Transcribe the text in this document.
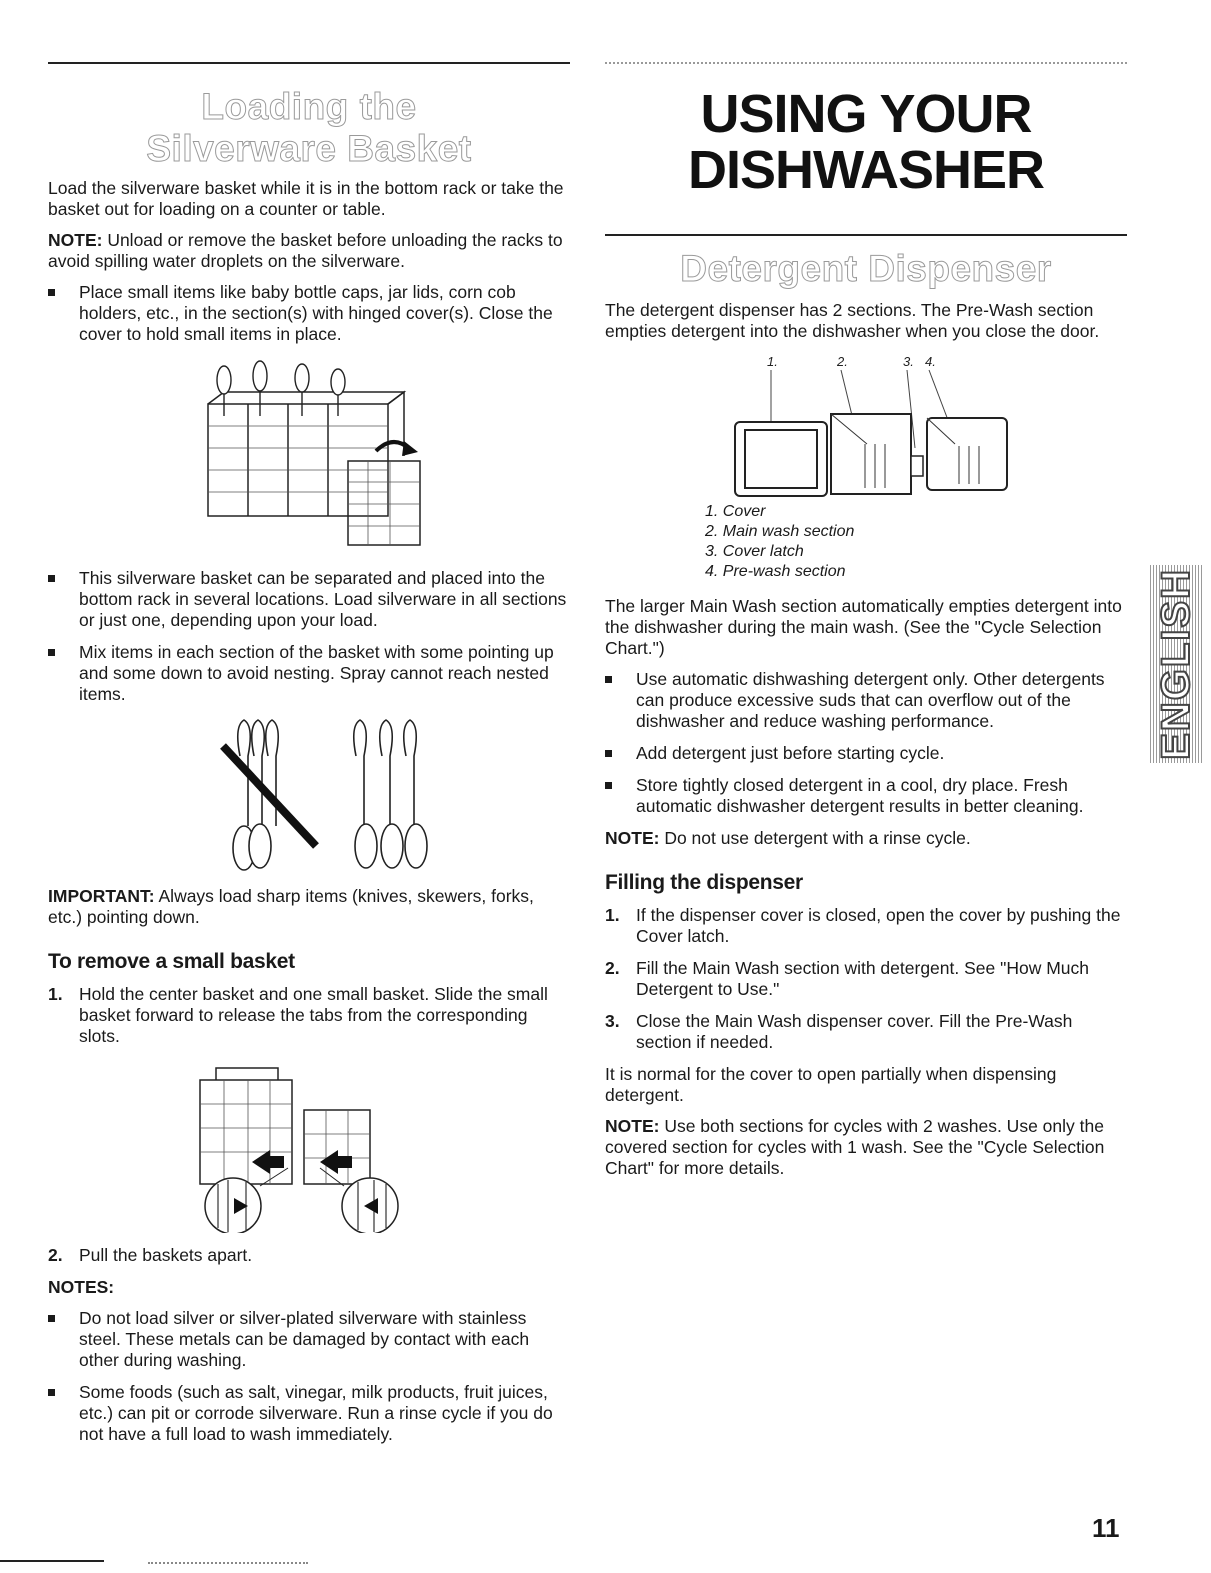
Loading the
Silverware Basket

Load the silverware basket while it is in the bottom rack or take the basket out for loading on a counter or table.

NOTE: Unload or remove the basket before unloading the racks to avoid spilling water droplets on the silverware.

Place small items like baby bottle caps, jar lids, corn cob holders, etc., in the section(s) with hinged cover(s). Close the cover to hold small items in place.
This silverware basket can be separated and placed into the bottom rack in several locations. Load silverware in all sections or just one, depending upon your load.
Mix items in each section of the basket with some pointing up and some down to avoid nesting. Spray cannot reach nested items.

IMPORTANT: Always load sharp items (knives, skewers, forks, etc.) pointing down.

To remove a small basket
1. Hold the center basket and one small basket. Slide the small basket forward to release the tabs from the corresponding slots.
2. Pull the baskets apart.

NOTES:

Do not load silver or silver-plated silverware with stainless steel. These metals can be damaged by contact with each other during washing.
Some foods (such as salt, vinegar, milk products, fruit juices, etc.) can pit or corrode silverware. Run a rinse cycle if you do not have a full load to wash immediately.
USING YOUR
DISHWASHER
Detergent Dispenser

The detergent dispenser has 2 sections. The Pre-Wash section empties detergent into the dishwasher when you close the door.

1.	2.	3. 4.
1. Cover
2. Main wash section
3. Cover latch
4. Pre-wash section

The larger Main Wash section automatically empties detergent into the dishwasher during the main wash. (See the "Cycle Selection Chart.")

Use automatic dishwashing detergent only. Other detergents can produce excessive suds that can overflow out of the dishwasher and reduce washing performance.
Add detergent just before starting cycle.
Store tightly closed detergent in a cool, dry place. Fresh automatic dishwasher detergent results in better cleaning.

NOTE: Do not use detergent with a rinse cycle.

Filling the dispenser
1. If the dispenser cover is closed, open the cover by pushing the Cover latch.
2. Fill the Main Wash section with detergent. See "How Much Detergent to Use."
3. Close the Main Wash dispenser cover. Fill the Pre-Wash section if needed.

It is normal for the cover to open partially when dispensing detergent.

NOTE: Use both sections for cycles with 2 washes. Use only the covered section for cycles with 1 wash. See the "Cycle Selection Chart" for more details.

ENGLISH
11
